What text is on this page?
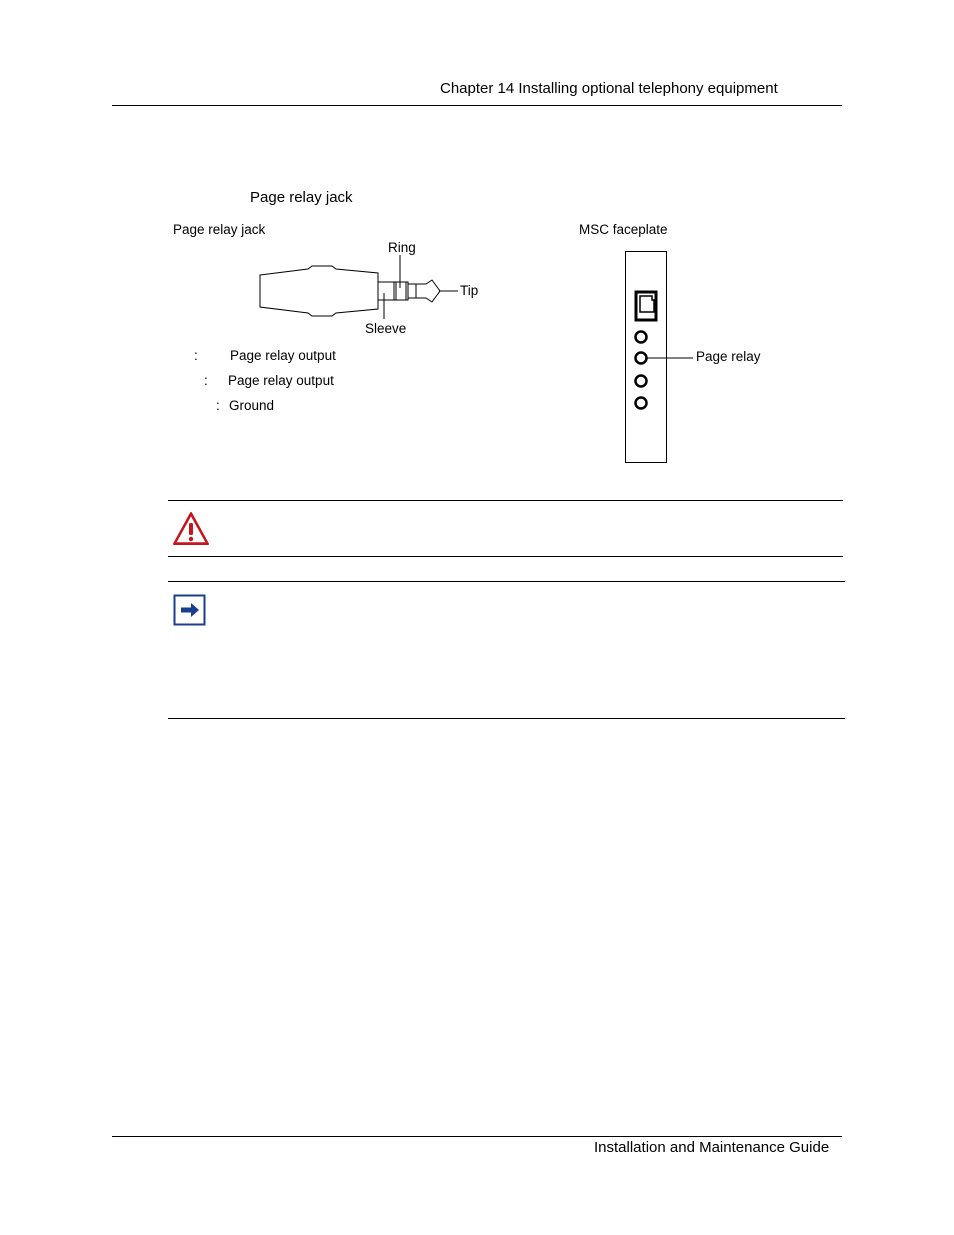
Chapter 14 Installing optional telephony equipment
Page relay jack
Page relay jack	MSC faceplate
Ring
Tip
Sleeve
: Page relay output
: Page relay output
: Ground
Page relay
Installation and Maintenance Guide
